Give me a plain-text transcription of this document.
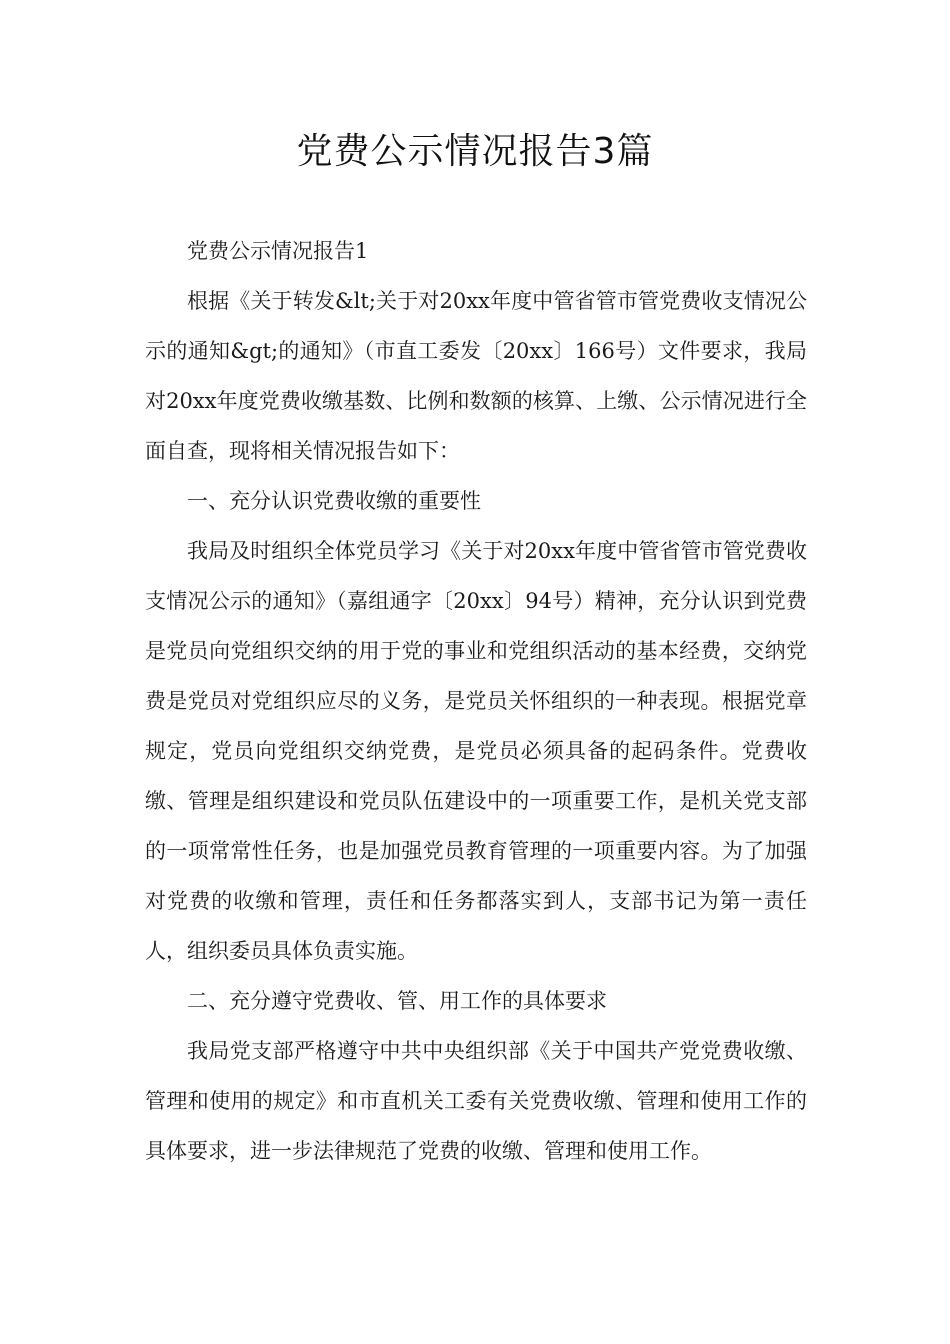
党费公示情况报告3篇

党费公示情况报告1

根据《关于转发&lt;关于对20xx年度中管省管市管党费收支情况公示的通知&gt;的通知》（市直工委发〔20xx〕166号）文件要求，我局对20xx年度党费收缴基数、比例和数额的核算、上缴、公示情况进行全面自查，现将相关情况报告如下：

一、充分认识党费收缴的重要性

我局及时组织全体党员学习《关于对20xx年度中管省管市管党费收支情况公示的通知》（嘉组通字〔20xx〕94号）精神，充分认识到党费是党员向党组织交纳的用于党的事业和党组织活动的基本经费，交纳党费是党员对党组织应尽的义务，是党员关怀组织的一种表现。根据党章规定，党员向党组织交纳党费，是党员必须具备的起码条件。党费收缴、管理是组织建设和党员队伍建设中的一项重要工作，是机关党支部的一项常常性任务，也是加强党员教育管理的一项重要内容。为了加强对党费的收缴和管理，责任和任务都落实到人，支部书记为第一责任人，组织委员具体负责实施。

二、充分遵守党费收、管、用工作的具体要求

我局党支部严格遵守中共中央组织部《关于中国共产党党费收缴、管理和使用的规定》和市直机关工委有关党费收缴、管理和使用工作的具体要求，进一步法律规范了党费的收缴、管理和使用工作。
